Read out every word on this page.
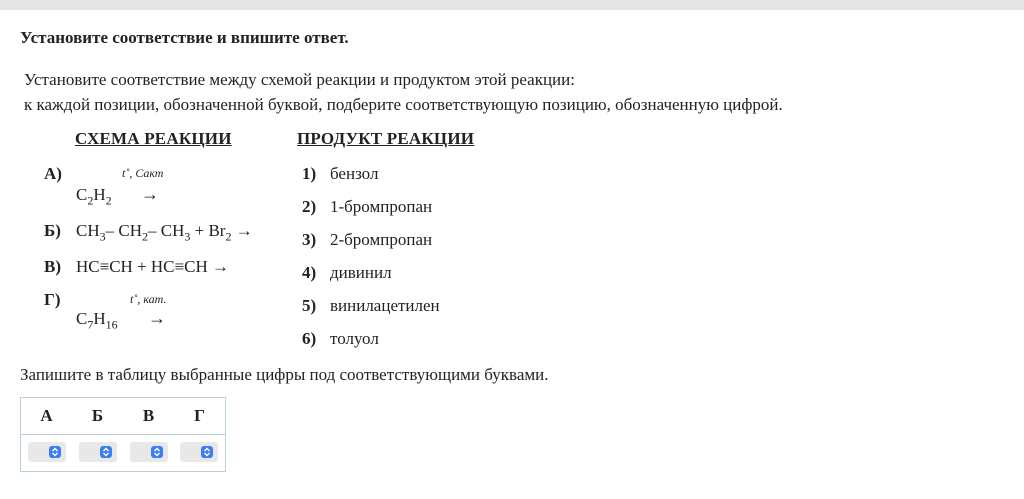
Установите соответствие и впишите ответ.
Установите соответствие между схемой реакции и продуктом этой реакции:
к каждой позиции, обозначенной буквой, подберите соответствующую позицию, обозначенную цифрой.
СХЕМА РЕАКЦИИ	ПРОДУКТ РЕАКЦИИ
А)	t˚, Cакт
$C_2H_2$ →
Б) $CH_3-$ $CH_2-$ $CH_3 + Br_2$ →
В) HC≡CH + HC≡CH →
Г)	t˚, кат.
$C_7H_{16}$ →
1) бензол
2) 1-бромпропан
3) 2-бромпропан
4) дивинил
5) винилацетилен
6) толуол
Запишите в таблицу выбранные цифры под соответствующими буквами.
А	Б	В	Г
